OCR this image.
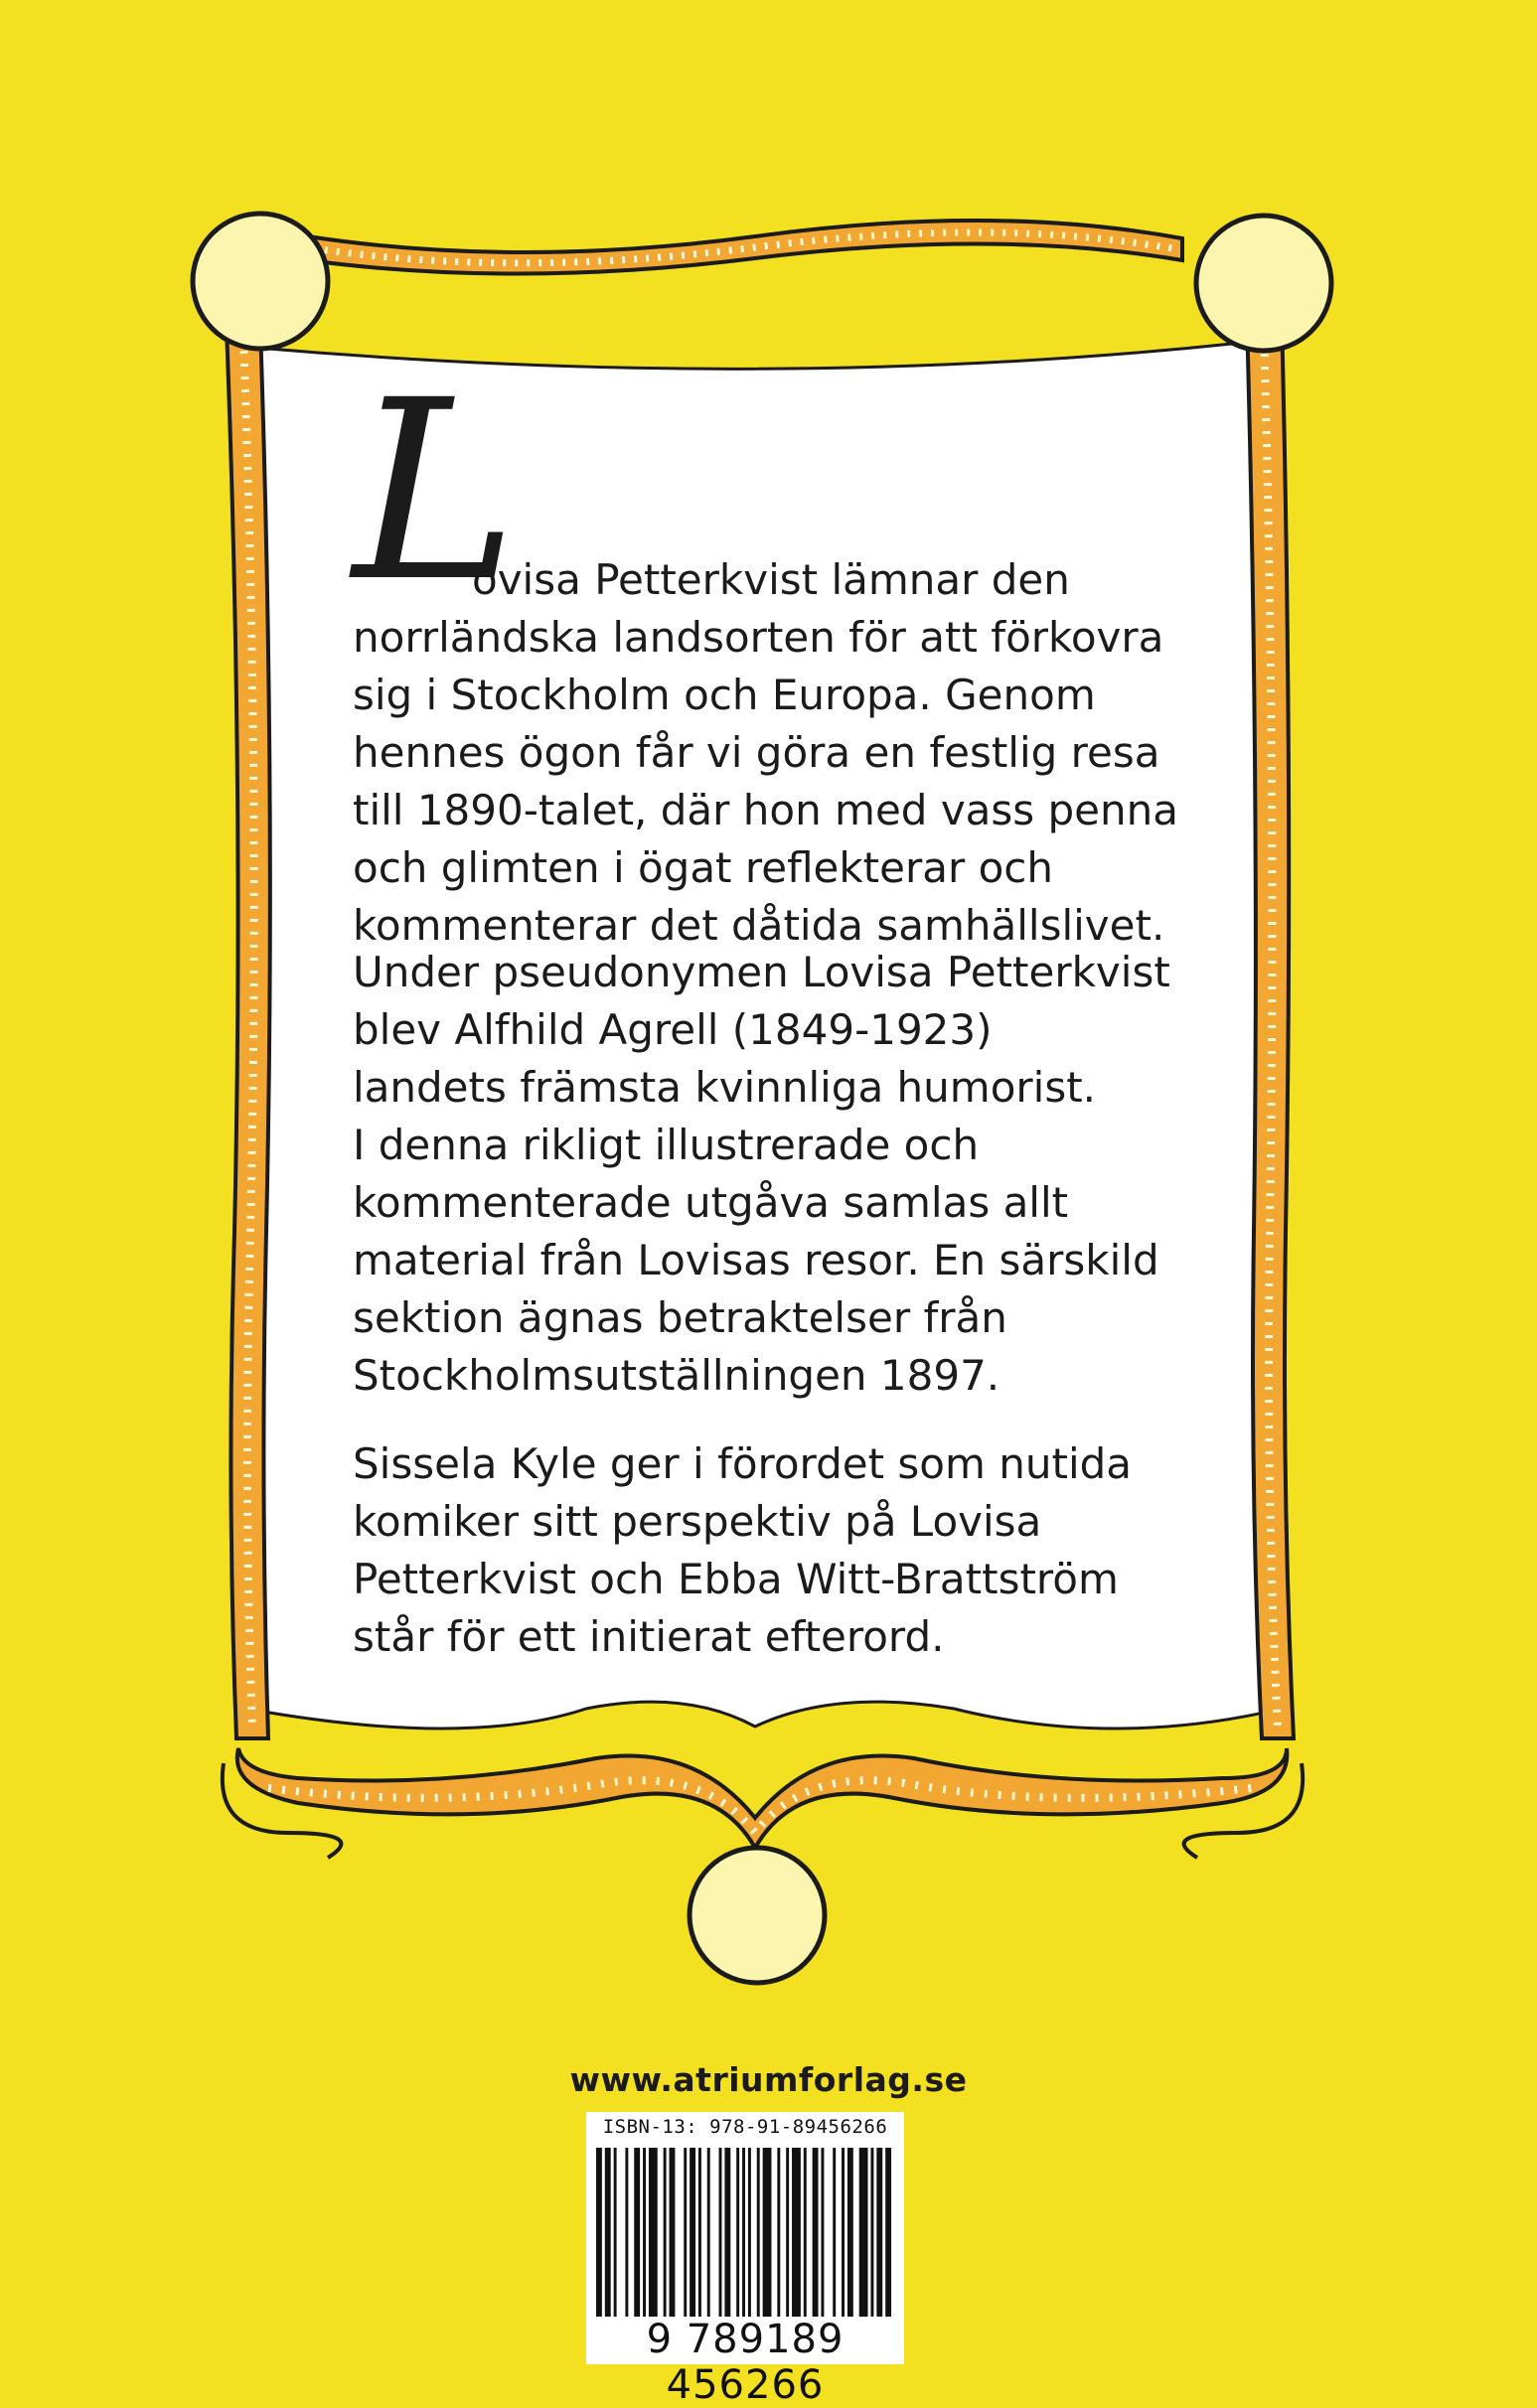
L

ovisa Petterkvist lämnar den
norrländska landsorten för att förkovra
sig i Stockholm och Europa. Genom
hennes ögon får vi göra en festlig resa
till 1890-talet, där hon med vass penna
och glimten i ögat reflekterar och
kommenterar det dåtida samhällslivet.

Under pseudonymen Lovisa Petterkvist
blev Alfhild Agrell (1849-1923)
landets främsta kvinnliga humorist.
I denna rikligt illustrerade och
kommenterade utgåva samlas allt
material från Lovisas resor. En särskild
sektion ägnas betraktelser från
Stockholmsutställningen 1897.

Sissela Kyle ger i förordet som nutida
komiker sitt perspektiv på Lovisa
Petterkvist och Ebba Witt-Brattström
står för ett initierat efterord.

www.atriumforlag.se
ISBN-13: 978-91-89456266
9 789189 456266
